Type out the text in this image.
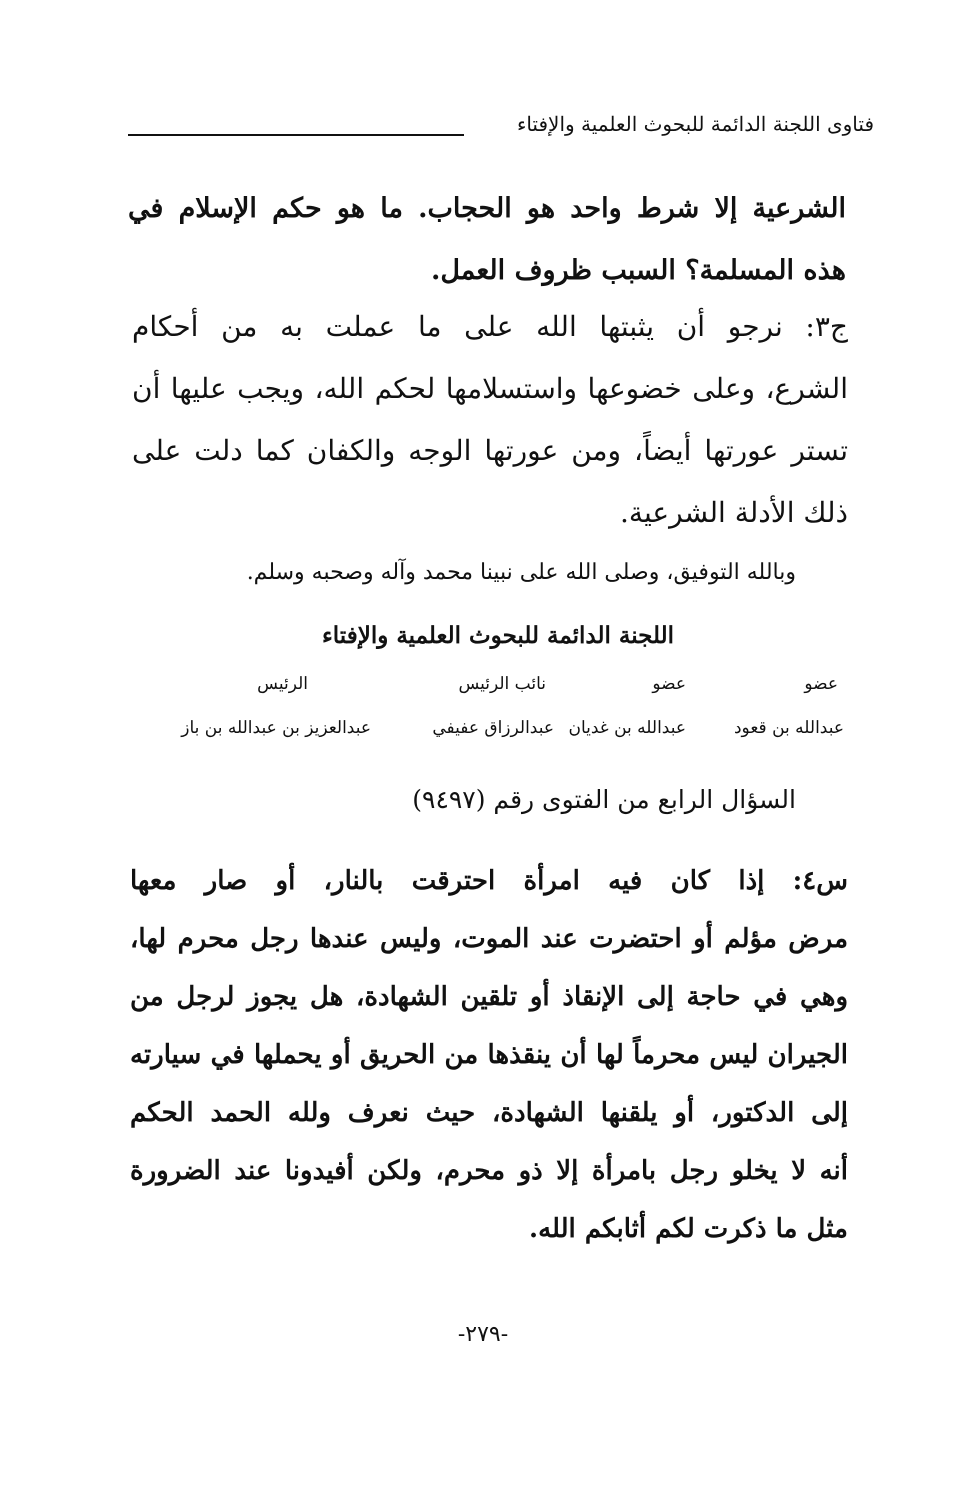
فتاوى اللجنة الدائمة للبحوث العلمية والإفتاء
الشرعية إلا شرط واحد هو الحجاب. ما هو حكم الإسلام في
هذه المسلمة؟ السبب ظروف العمل.
ج٣: نرجو أن يثبتها الله على ما عملت به من أحكام
الشرع، وعلى خضوعها واستسلامها لحكم الله، ويجب عليها أن
تستر عورتها أيضاً، ومن عورتها الوجه والكفان كما دلت على
ذلك الأدلة الشرعية.
وبالله التوفيق، وصلى الله على نبينا محمد وآله وصحبه وسلم.
اللجنة الدائمة للبحوث العلمية والإفتاء
عضو
عضو
نائب الرئيس
الرئيس
عبدالله بن قعود
عبدالله بن غديان
عبدالرزاق عفيفي
عبدالعزيز بن عبدالله بن باز
السؤال الرابع من الفتوى رقم (٩٤٩٧)
س٤: إذا كان فيه امرأة احترقت بالنار، أو صار معها
مرض مؤلم أو احتضرت عند الموت، وليس عندها رجل محرم لها،
وهي في حاجة إلى الإنقاذ أو تلقين الشهادة، هل يجوز لرجل من
الجيران ليس محرماً لها أن ينقذها من الحريق أو يحملها في سيارته
إلى الدكتور، أو يلقنها الشهادة، حيث نعرف ولله الحمد الحكم
أنه لا يخلو رجل بامرأة إلا ذو محرم، ولكن أفيدونا عند الضرورة
مثل ما ذكرت لكم أثابكم الله.
-٢٧٩-
